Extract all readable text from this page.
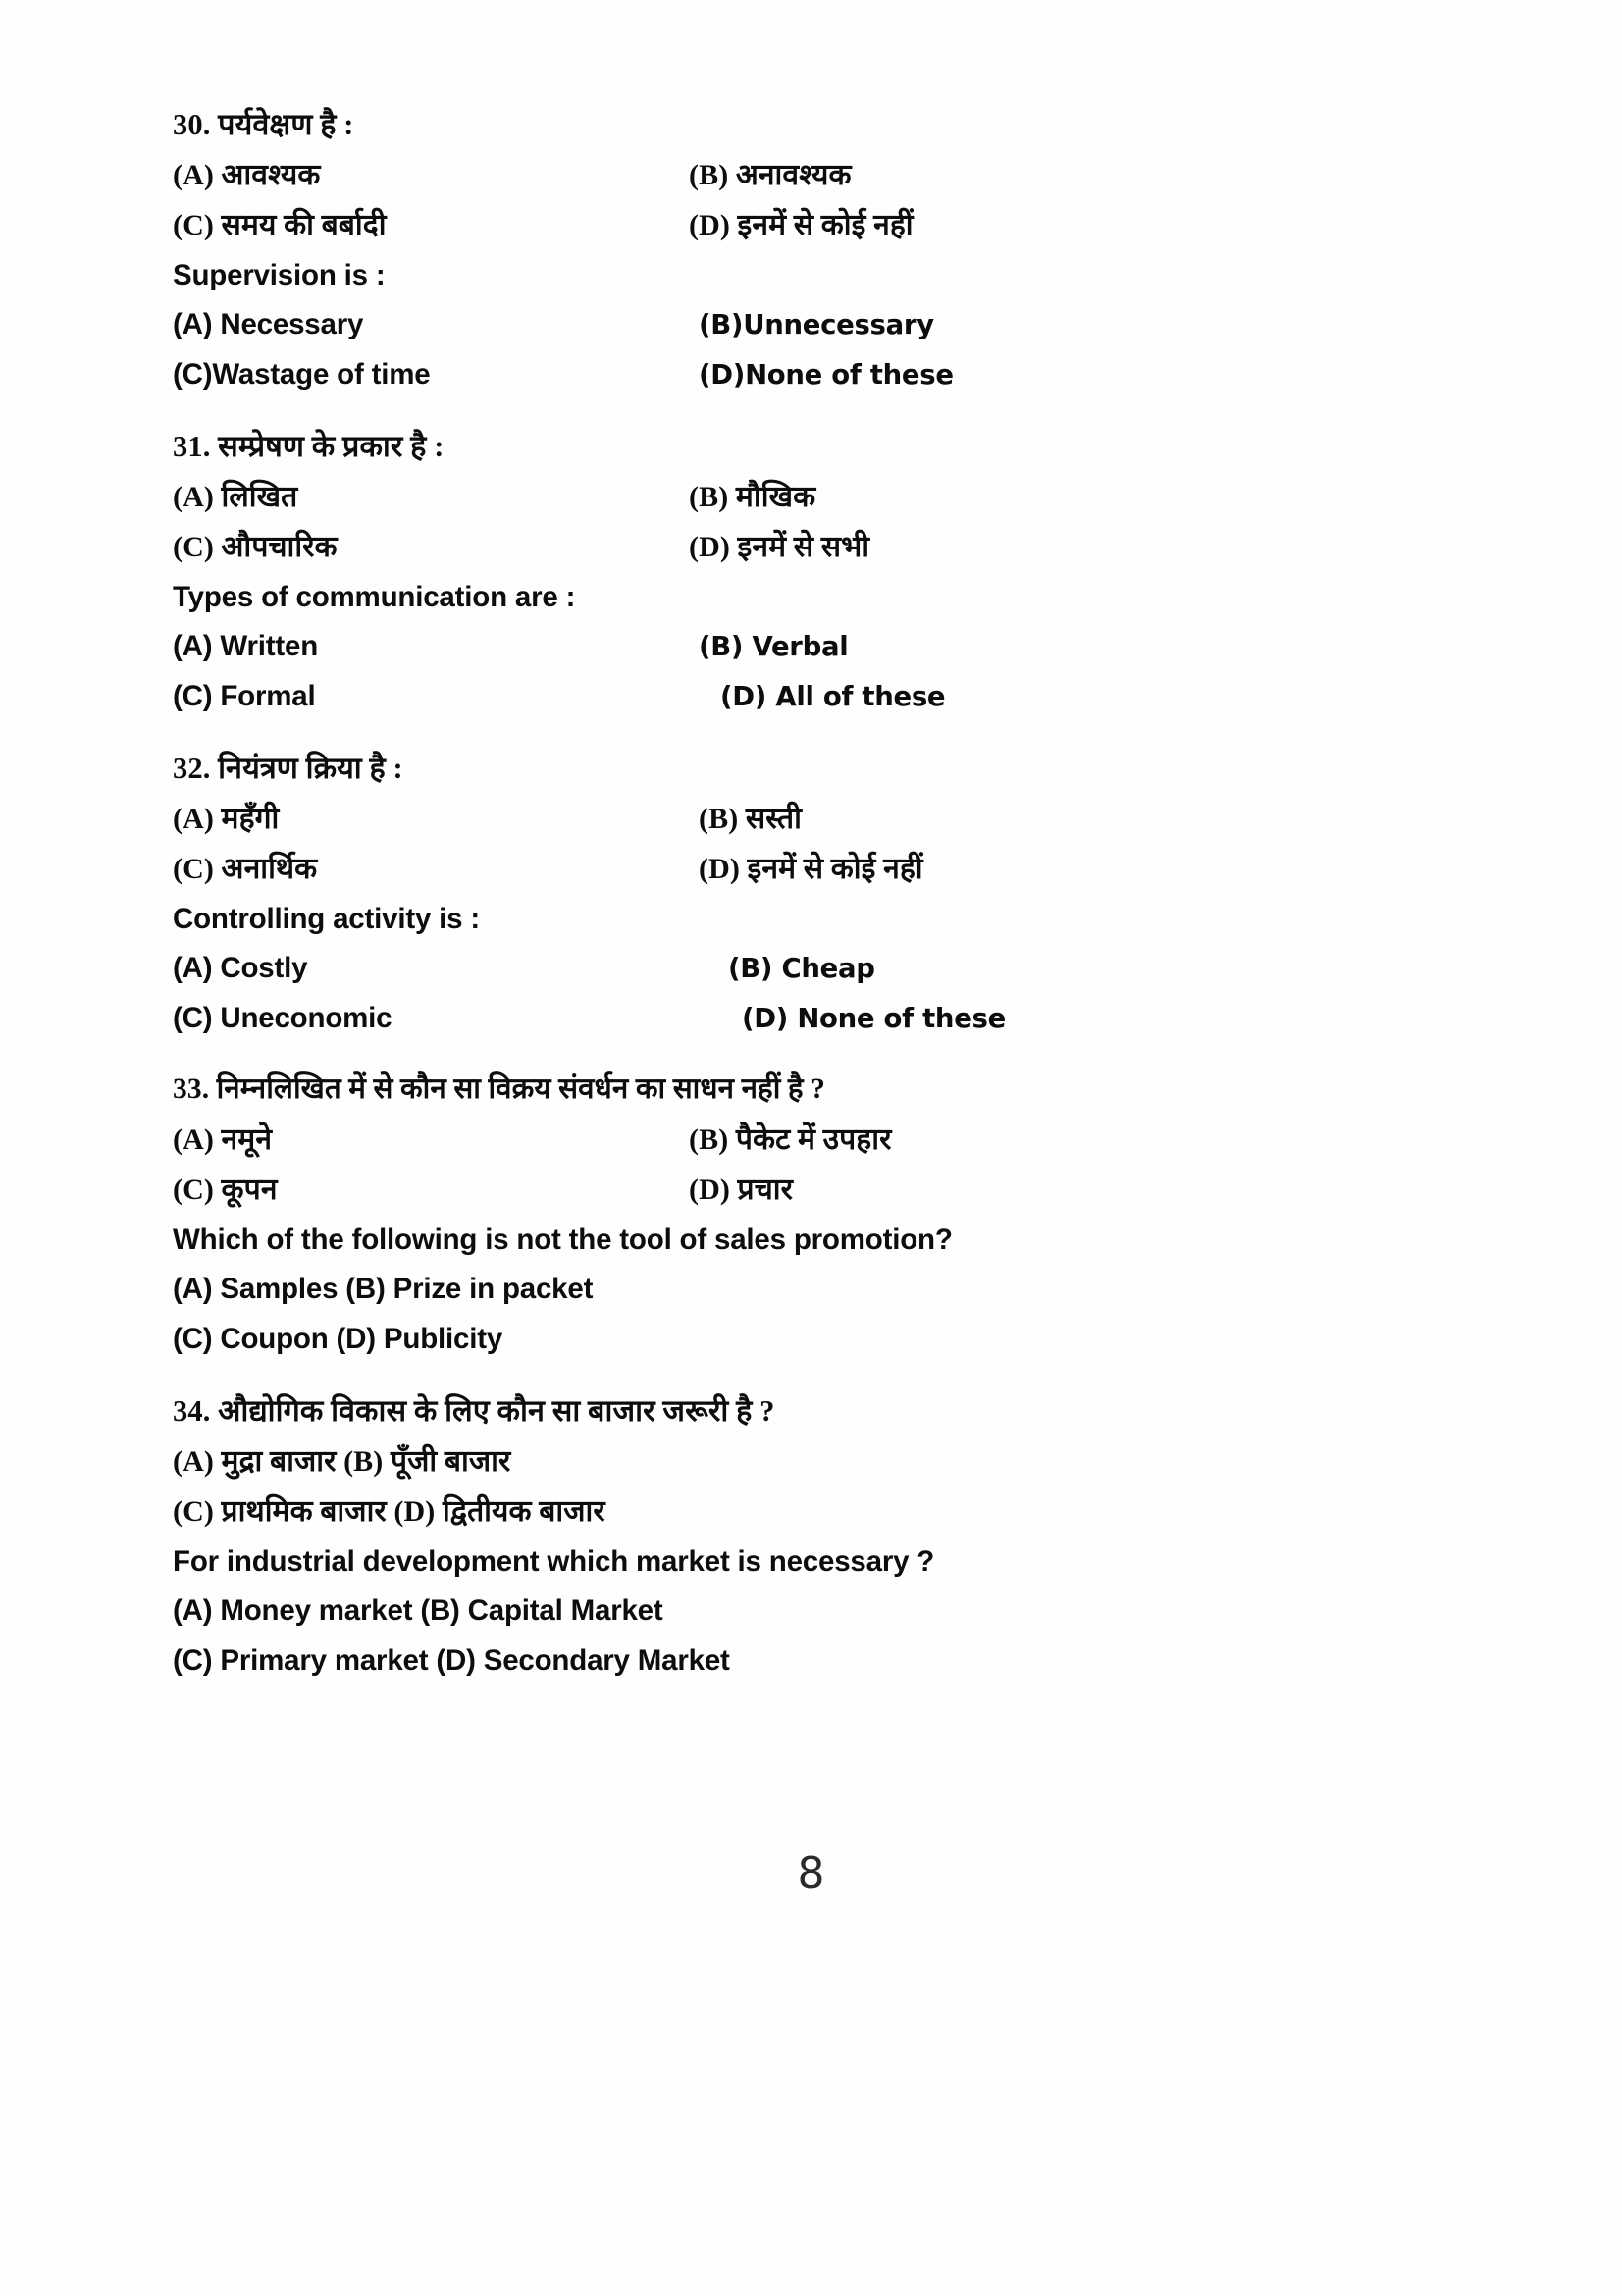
30. पर्यवेक्षण है :
(A) आवश्यक	(B) अनावश्यक
(C) समय की बर्बादी	(D) इनमें से कोई नहीं
Supervision is :
(A) Necessary	(B)Unnecessary
(C)Wastage of time	(D)None of these
31. सम्प्रेषण के प्रकार है :
(A) लिखित	(B) मौखिक
(C) औपचारिक	(D) इनमें से सभी
Types of communication are :
(A) Written	(B) Verbal
(C) Formal	(D) All of these
32. नियंत्रण क्रिया है :
(A) महँगी	(B) सस्ती
(C) अनार्थिक	(D) इनमें से कोई नहीं
Controlling activity is :
(A) Costly	(B) Cheap
(C) Uneconomic	(D) None of these
33. निम्नलिखित में से कौन सा विक्रय संवर्धन का साधन नहीं है ?
(A) नमूने	(B) पैकेट में उपहार
(C) कूपन	(D) प्रचार
Which of the following is not the tool of sales promotion?
(A) Samples (B) Prize in packet
(C) Coupon (D) Publicity
34. औद्योगिक विकास के लिए कौन सा बाजार जरूरी है ?
(A) मुद्रा बाजार (B) पूँजी बाजार
(C) प्राथमिक बाजार (D) द्वितीयक बाजार
For industrial development which market is necessary ?
(A) Money market (B) Capital Market
(C) Primary market (D) Secondary Market
8
